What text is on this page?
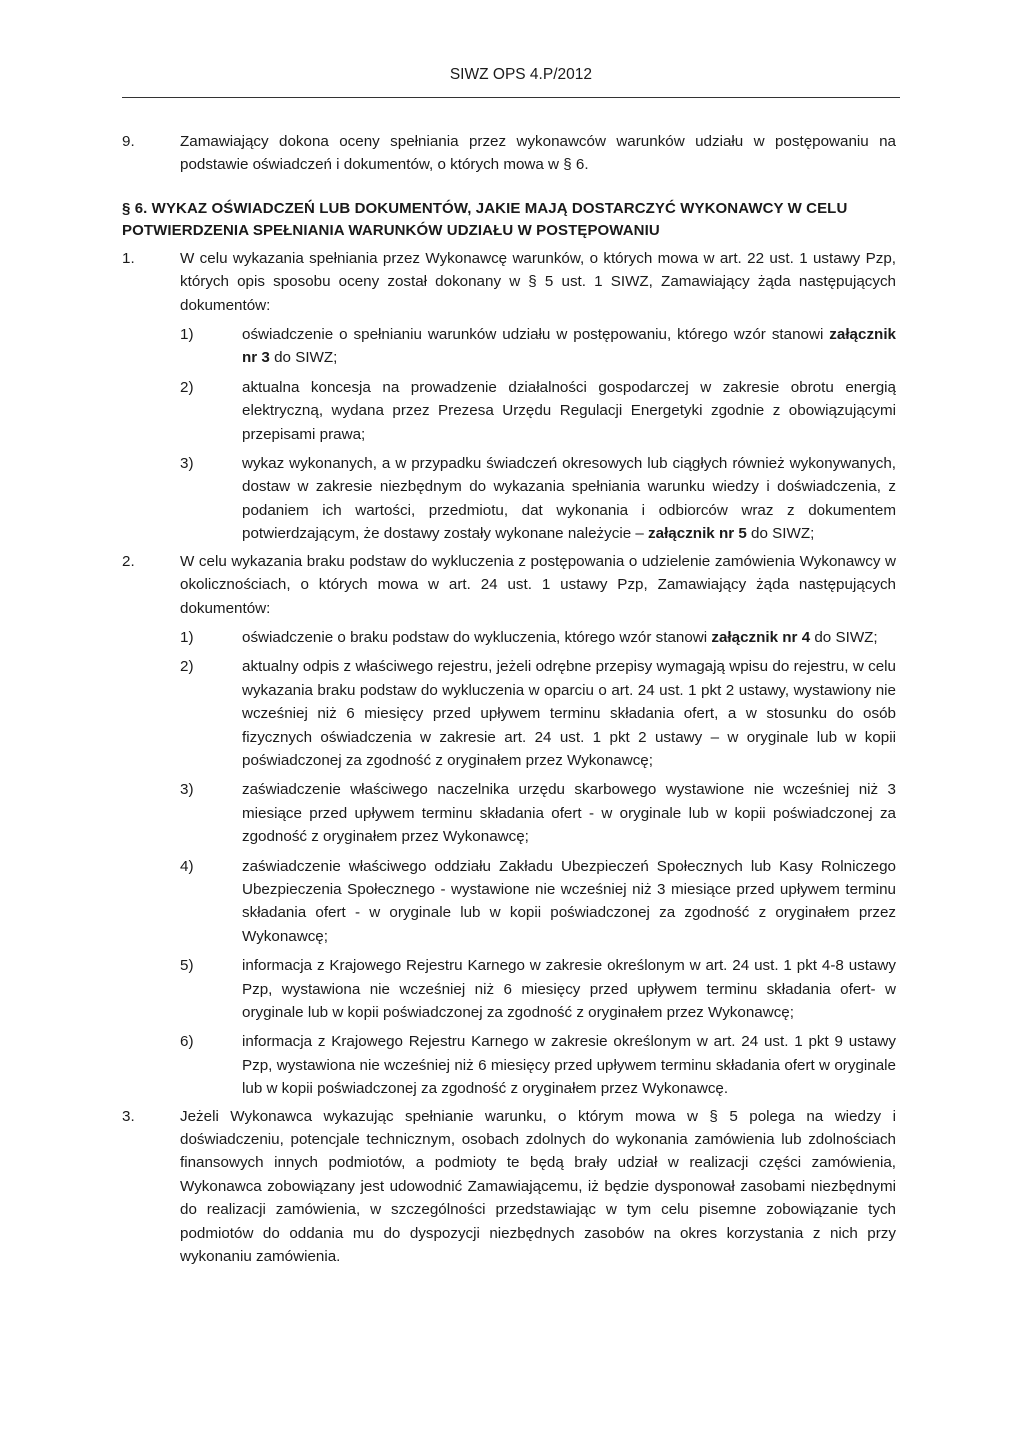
SIWZ OPS 4.P/2012
9.	Zamawiający dokona oceny spełniania przez wykonawców warunków udziału w postępowaniu na podstawie oświadczeń i dokumentów, o których mowa w § 6.
§ 6. WYKAZ OŚWIADCZEŃ LUB DOKUMENTÓW, JAKIE MAJĄ DOSTARCZYĆ WYKONAWCY W CELU POTWIERDZENIA SPEŁNIANIA WARUNKÓW UDZIAŁU W POSTĘPOWANIU
1.	W celu wykazania spełniania przez Wykonawcę warunków, o których mowa w art. 22 ust. 1 ustawy Pzp, których opis sposobu oceny został dokonany w § 5 ust. 1 SIWZ, Zamawiający żąda następujących dokumentów:
1)	oświadczenie o spełnianiu warunków udziału w postępowaniu, którego wzór stanowi załącznik nr 3 do SIWZ;
2)	aktualna koncesja na prowadzenie działalności gospodarczej w zakresie obrotu energią elektryczną, wydana przez Prezesa Urzędu Regulacji Energetyki zgodnie z obowiązującymi przepisami prawa;
3)	wykaz wykonanych, a w przypadku świadczeń okresowych lub ciągłych również wykonywanych, dostaw w zakresie niezbędnym do wykazania spełniania warunku wiedzy i doświadczenia, z podaniem ich wartości, przedmiotu, dat wykonania i odbiorców wraz z dokumentem potwierdzającym, że dostawy zostały wykonane należycie – załącznik nr 5 do SIWZ;
2.	W celu wykazania braku podstaw do wykluczenia z postępowania o udzielenie zamówienia Wykonawcy w okolicznościach, o których mowa w art. 24 ust. 1 ustawy Pzp, Zamawiający żąda następujących dokumentów:
1)	oświadczenie o braku podstaw do wykluczenia, którego wzór stanowi załącznik nr 4 do SIWZ;
2)	aktualny odpis z właściwego rejestru, jeżeli odrębne przepisy wymagają wpisu do rejestru, w celu wykazania braku podstaw do wykluczenia w oparciu o art. 24 ust. 1 pkt 2 ustawy, wystawiony nie wcześniej niż 6 miesięcy przed upływem terminu składania ofert, a w stosunku do osób fizycznych oświadczenia w zakresie art. 24 ust. 1 pkt 2 ustawy – w oryginale lub w kopii poświadczonej za zgodność z oryginałem przez Wykonawcę;
3)	zaświadczenie właściwego naczelnika urzędu skarbowego wystawione nie wcześniej niż 3 miesiące przed upływem terminu składania ofert - w oryginale lub w kopii poświadczonej za zgodność z oryginałem przez Wykonawcę;
4)	zaświadczenie właściwego oddziału Zakładu Ubezpieczeń Społecznych lub Kasy Rolniczego Ubezpieczenia Społecznego - wystawione nie wcześniej niż 3 miesiące przed upływem terminu składania ofert - w oryginale lub w kopii poświadczonej za zgodność z oryginałem przez Wykonawcę;
5)	informacja z Krajowego Rejestru Karnego w zakresie określonym w art. 24 ust. 1 pkt 4-8 ustawy Pzp, wystawiona nie wcześniej niż 6 miesięcy przed upływem terminu składania ofert- w oryginale lub w kopii poświadczonej za zgodność z oryginałem przez Wykonawcę;
6)	informacja z Krajowego Rejestru Karnego w zakresie określonym w art. 24 ust. 1 pkt 9 ustawy Pzp, wystawiona nie wcześniej niż 6 miesięcy przed upływem terminu składania ofert w oryginale lub w kopii poświadczonej za zgodność z oryginałem przez Wykonawcę.
3.	Jeżeli Wykonawca wykazując spełnianie warunku, o którym mowa w § 5 polega na wiedzy i doświadczeniu, potencjale technicznym, osobach zdolnych do wykonania zamówienia lub zdolnościach finansowych innych podmiotów, a podmioty te będą brały udział w realizacji części zamówienia, Wykonawca zobowiązany jest udowodnić Zamawiającemu, iż będzie dysponował zasobami niezbędnymi do realizacji zamówienia, w szczególności przedstawiając w tym celu pisemne zobowiązanie tych podmiotów do oddania mu do dyspozycji niezbędnych zasobów na okres korzystania z nich przy wykonaniu zamówienia.
